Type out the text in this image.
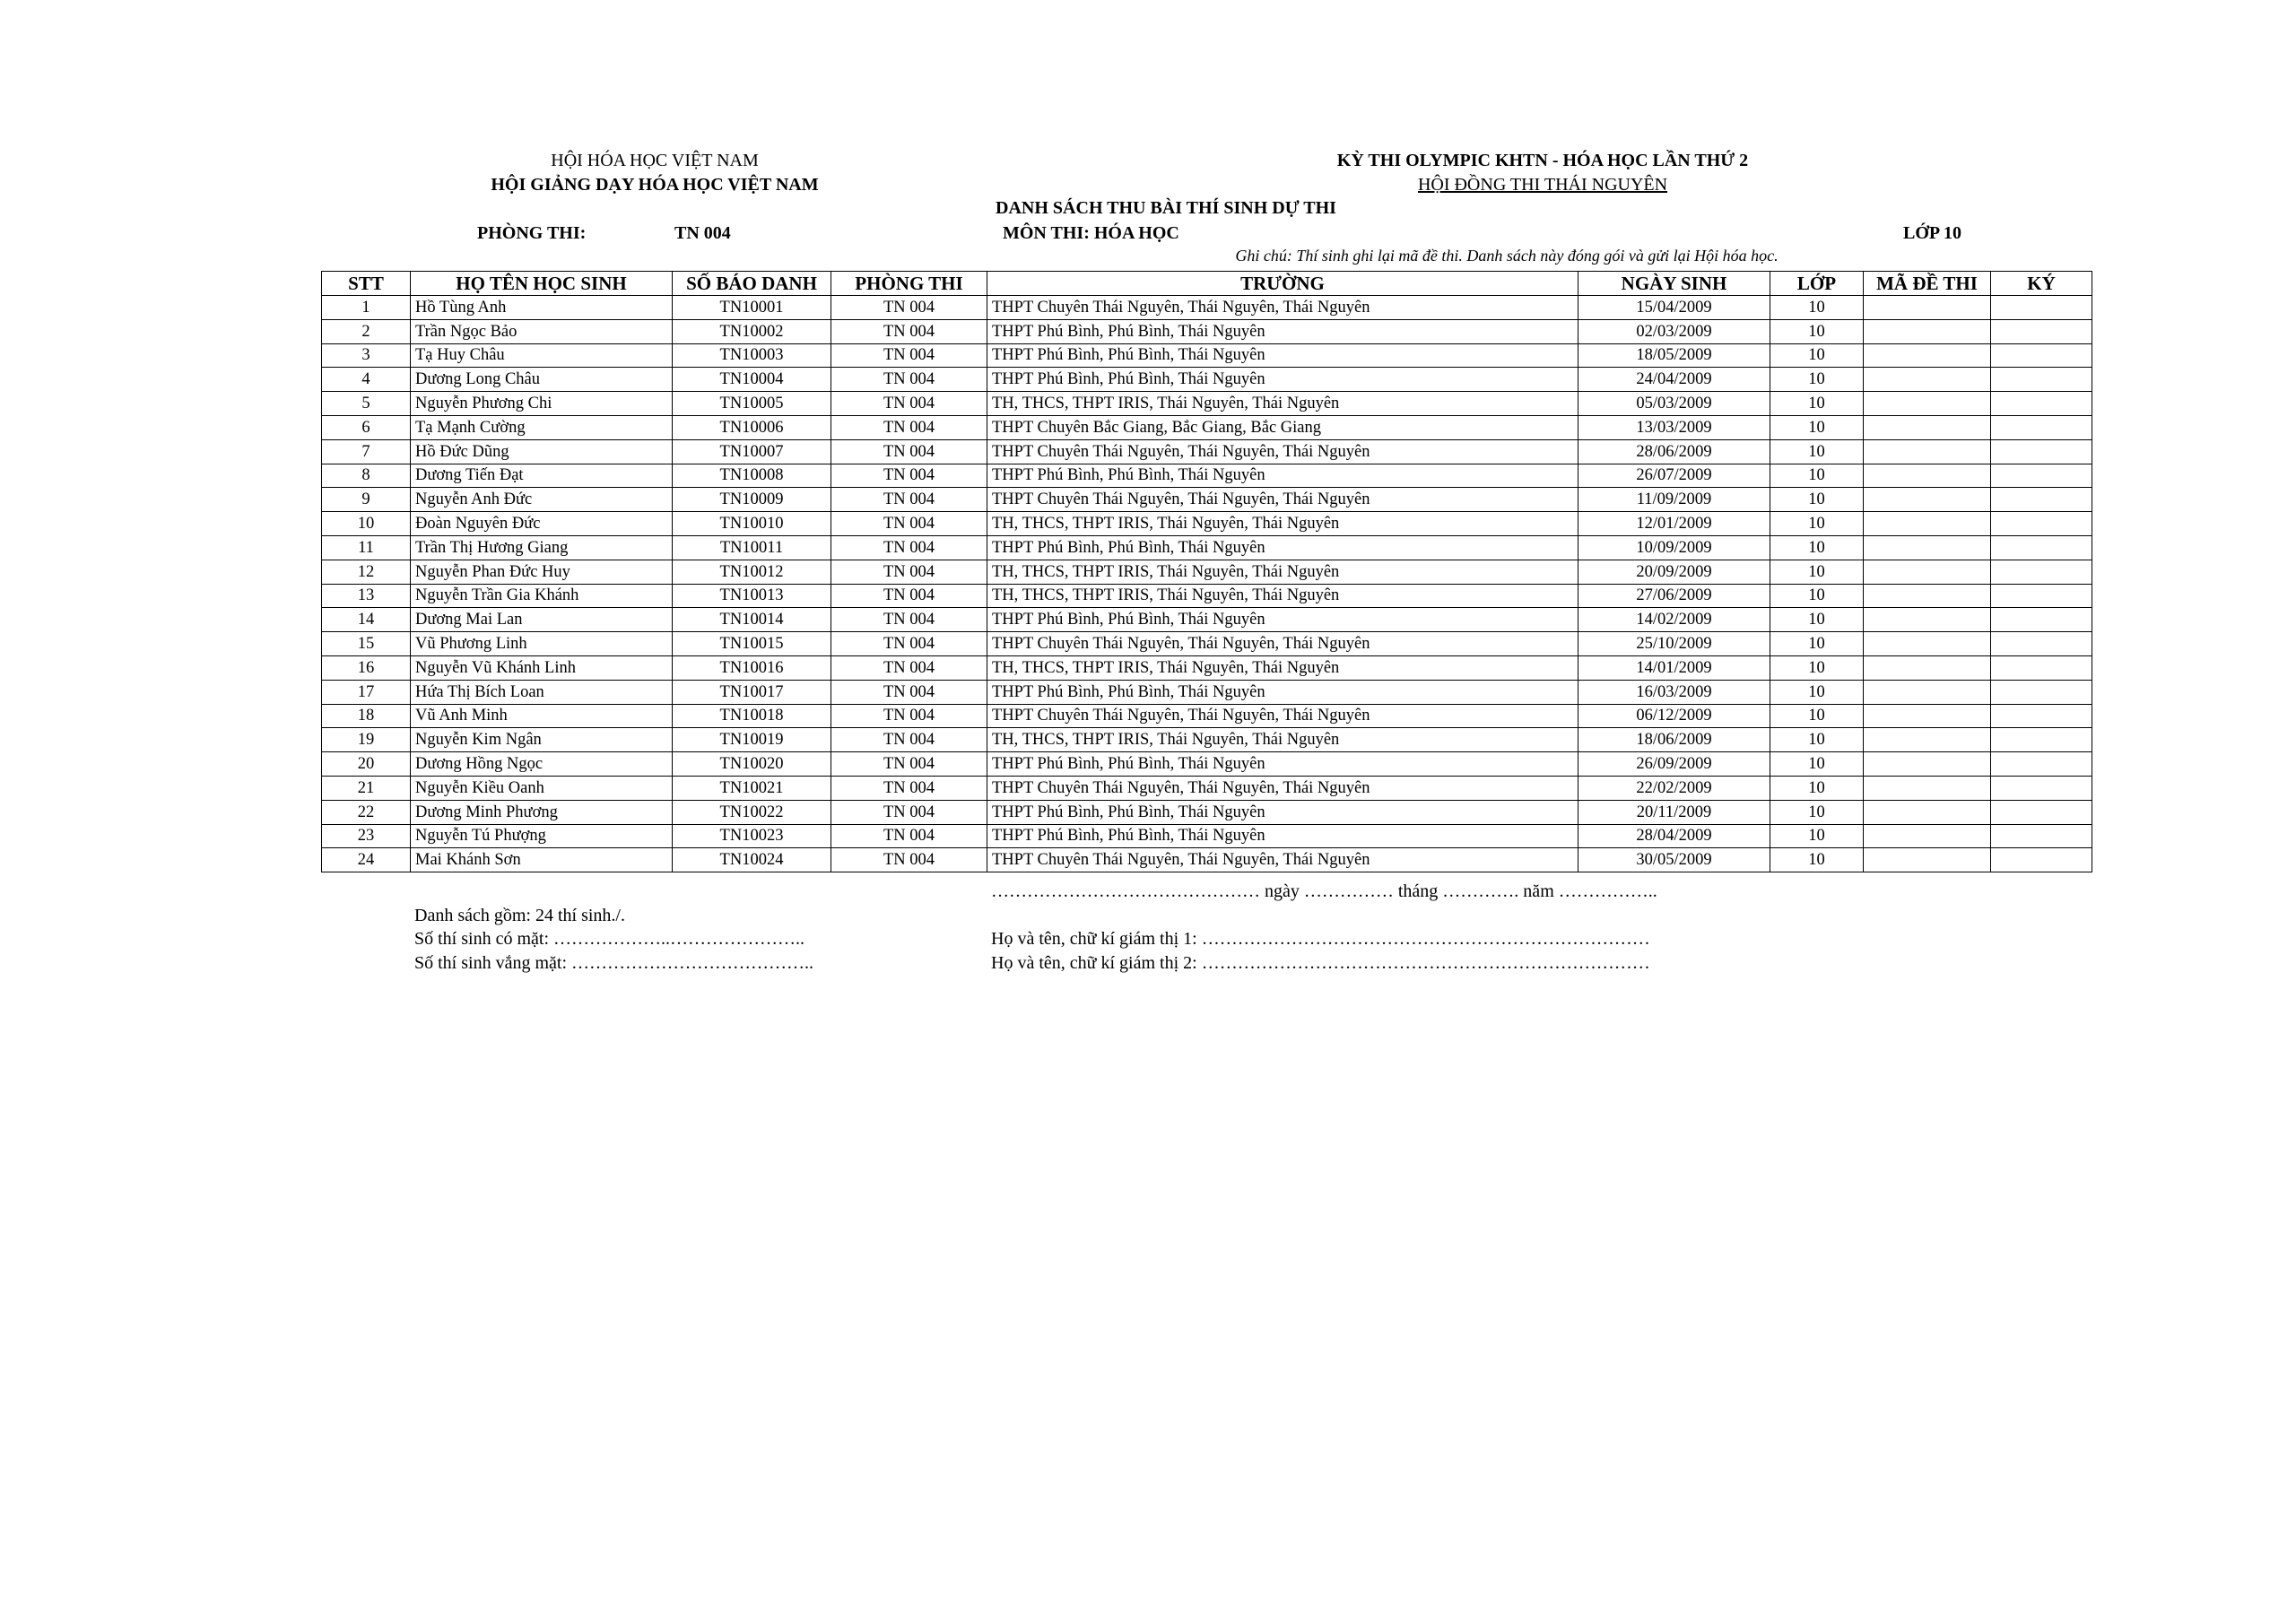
HỘI HÓA HỌC VIỆT NAM
HỘI GIẢNG DẠY HÓA HỌC VIỆT NAM
KỲ THI OLYMPIC KHTN - HÓA HỌC LẦN THỨ 2
HỘI ĐỒNG THI THÁI NGUYÊN
DANH SÁCH THU BÀI THÍ SINH DỰ THI
PHÒNG THI:	TN 004	MÔN THI: HÓA HỌC	LỚP 10
Ghi chú: Thí sinh ghi lại mã đề thi. Danh sách này đóng gói và gửi lại Hội hóa học.
STT	HỌ TÊN HỌC SINH	SỐ BÁO DANH	PHÒNG THI	TRƯỜNG	NGÀY SINH	LỚP	MÃ ĐỀ THI	KÝ
1	Hồ Tùng Anh	TN10001	TN 004	THPT Chuyên Thái Nguyên, Thái Nguyên, Thái Nguyên	15/04/2009	10		
2	Trần Ngọc Bảo	TN10002	TN 004	THPT Phú Bình, Phú Bình, Thái Nguyên	02/03/2009	10		
3	Tạ Huy Châu	TN10003	TN 004	THPT Phú Bình, Phú Bình, Thái Nguyên	18/05/2009	10		
4	Dương Long Châu	TN10004	TN 004	THPT Phú Bình, Phú Bình, Thái Nguyên	24/04/2009	10		
5	Nguyễn Phương Chi	TN10005	TN 004	TH, THCS, THPT IRIS, Thái Nguyên, Thái Nguyên	05/03/2009	10		
6	Tạ Mạnh Cường	TN10006	TN 004	THPT Chuyên Bắc Giang, Bắc Giang, Bắc Giang	13/03/2009	10		
7	Hồ Đức Dũng	TN10007	TN 004	THPT Chuyên Thái Nguyên, Thái Nguyên, Thái Nguyên	28/06/2009	10		
8	Dương Tiến Đạt	TN10008	TN 004	THPT Phú Bình, Phú Bình, Thái Nguyên	26/07/2009	10		
9	Nguyễn Anh Đức	TN10009	TN 004	THPT Chuyên Thái Nguyên, Thái Nguyên, Thái Nguyên	11/09/2009	10		
10	Đoàn Nguyên Đức	TN10010	TN 004	TH, THCS, THPT IRIS, Thái Nguyên, Thái Nguyên	12/01/2009	10		
11	Trần Thị Hương Giang	TN10011	TN 004	THPT Phú Bình, Phú Bình, Thái Nguyên	10/09/2009	10		
12	Nguyễn Phan Đức Huy	TN10012	TN 004	TH, THCS, THPT IRIS, Thái Nguyên, Thái Nguyên	20/09/2009	10		
13	Nguyễn Trần Gia Khánh	TN10013	TN 004	TH, THCS, THPT IRIS, Thái Nguyên, Thái Nguyên	27/06/2009	10		
14	Dương Mai Lan	TN10014	TN 004	THPT Phú Bình, Phú Bình, Thái Nguyên	14/02/2009	10		
15	Vũ Phương Linh	TN10015	TN 004	THPT Chuyên Thái Nguyên, Thái Nguyên, Thái Nguyên	25/10/2009	10		
16	Nguyễn Vũ Khánh Linh	TN10016	TN 004	TH, THCS, THPT IRIS, Thái Nguyên, Thái Nguyên	14/01/2009	10		
17	Hứa Thị Bích Loan	TN10017	TN 004	THPT Phú Bình, Phú Bình, Thái Nguyên	16/03/2009	10		
18	Vũ Anh Minh	TN10018	TN 004	THPT Chuyên Thái Nguyên, Thái Nguyên, Thái Nguyên	06/12/2009	10		
19	Nguyễn Kim Ngân	TN10019	TN 004	TH, THCS, THPT IRIS, Thái Nguyên, Thái Nguyên	18/06/2009	10		
20	Dương Hồng Ngọc	TN10020	TN 004	THPT Phú Bình, Phú Bình, Thái Nguyên	26/09/2009	10		
21	Nguyễn Kiều Oanh	TN10021	TN 004	THPT Chuyên Thái Nguyên, Thái Nguyên, Thái Nguyên	22/02/2009	10		
22	Dương Minh Phương	TN10022	TN 004	THPT Phú Bình, Phú Bình, Thái Nguyên	20/11/2009	10		
23	Nguyễn Tú Phượng	TN10023	TN 004	THPT Phú Bình, Phú Bình, Thái Nguyên	28/04/2009	10		
24	Mai Khánh Sơn	TN10024	TN 004	THPT Chuyên Thái Nguyên, Thái Nguyên, Thái Nguyên	30/05/2009	10		
……………………………………… ngày …………… tháng …………. năm ……………..
Danh sách gồm: 24 thí sinh./.
Số thí sinh có mặt: ………………..…………………..
Số thí sinh vắng mặt: …………………………………..
Họ và tên, chữ kí giám thị 1: …………………………………………………………………
Họ và tên, chữ kí giám thị 2: …………………………………………………………………
